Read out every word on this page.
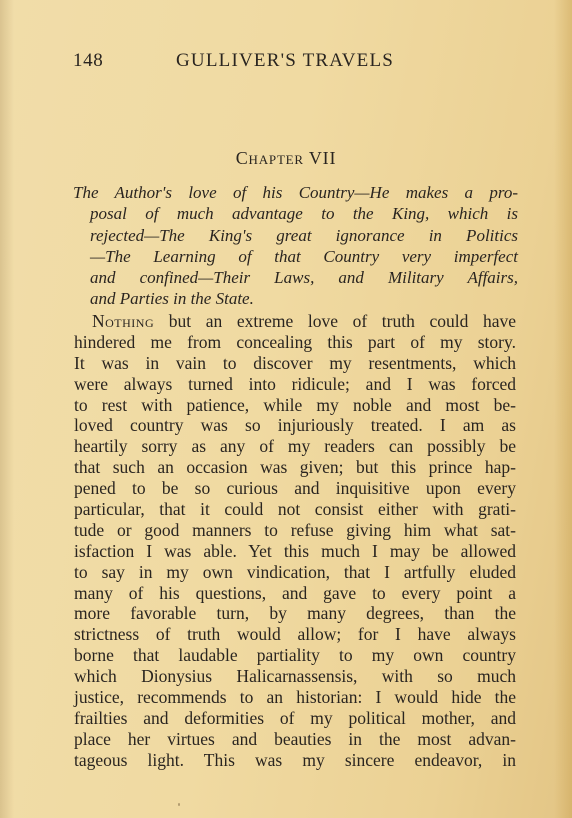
148	GULLIVER'S TRAVELS
Chapter VII
The Author's love of his Country—He makes a pro-
posal of much advantage to the King, which is
rejected—The King's great ignorance in Politics
—The Learning of that Country very imperfect
and confined—Their Laws, and Military Affairs,
and Parties in the State.
Nothing but an extreme love of truth could have
hindered me from concealing this part of my story.
It was in vain to discover my resentments, which
were always turned into ridicule; and I was forced
to rest with patience, while my noble and most be-
loved country was so injuriously treated. I am as
heartily sorry as any of my readers can possibly be
that such an occasion was given; but this prince hap-
pened to be so curious and inquisitive upon every
particular, that it could not consist either with grati-
tude or good manners to refuse giving him what sat-
isfaction I was able. Yet this much I may be allowed
to say in my own vindication, that I artfully eluded
many of his questions, and gave to every point a
more favorable turn, by many degrees, than the
strictness of truth would allow; for I have always
borne that laudable partiality to my own country
which Dionysius Halicarnassensis, with so much
justice, recommends to an historian: I would hide the
frailties and deformities of my political mother, and
place her virtues and beauties in the most advan-
tageous light. This was my sincere endeavor, in
